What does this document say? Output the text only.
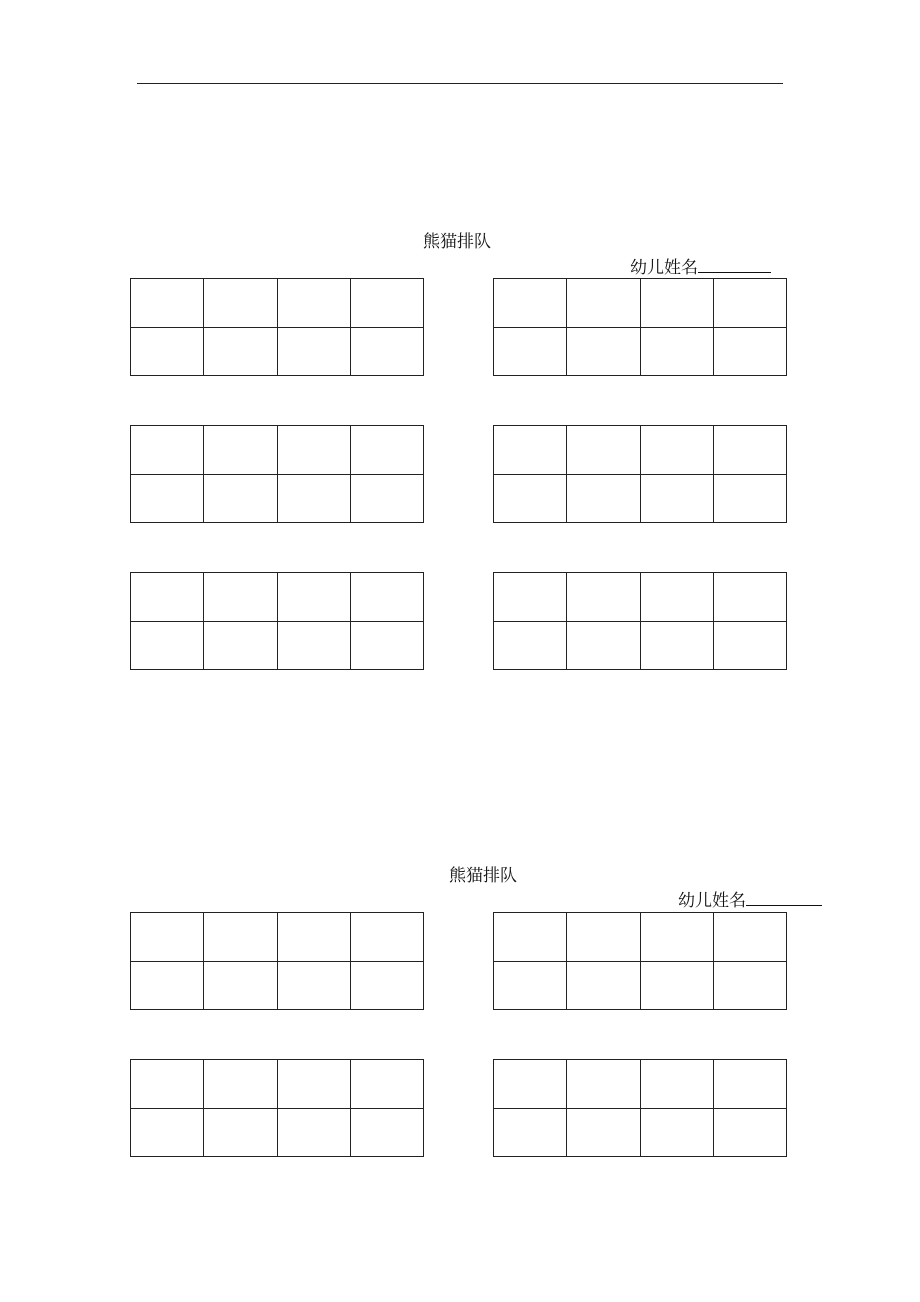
熊猫排队
幼儿姓名
熊猫排队
幼儿姓名
